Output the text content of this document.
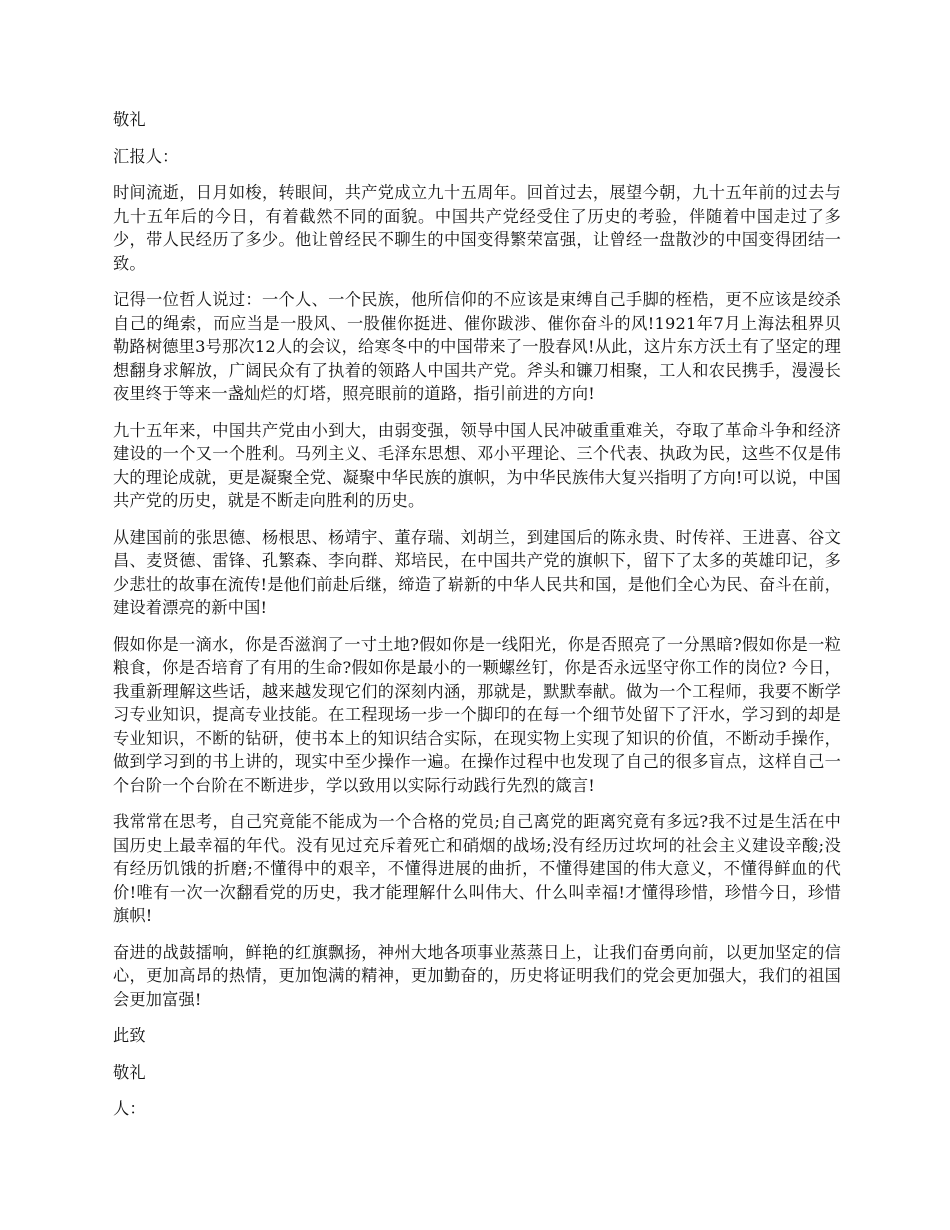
敬礼

汇报人：

时间流逝，日月如梭，转眼间，共产党成立九十五周年。回首过去，展望今朝，九十五年前的过去与九十五年后的今日，有着截然不同的面貌。中国共产党经受住了历史的考验，伴随着中国走过了多少，带人民经历了多少。他让曾经民不聊生的中国变得繁荣富强，让曾经一盘散沙的中国变得团结一致。

记得一位哲人说过：一个人、一个民族，他所信仰的不应该是束缚自己手脚的桎梏，更不应该是绞杀自己的绳索，而应当是一股风、一股催你挺进、催你跋涉、催你奋斗的风!1921年7月上海法租界贝勒路树德里3号那次12人的会议，给寒冬中的中国带来了一股春风!从此，这片东方沃土有了坚定的理想翻身求解放，广阔民众有了执着的领路人中国共产党。斧头和镰刀相聚，工人和农民携手，漫漫长夜里终于等来一盏灿烂的灯塔，照亮眼前的道路，指引前进的方向!

九十五年来，中国共产党由小到大，由弱变强，领导中国人民冲破重重难关，夺取了革命斗争和经济建设的一个又一个胜利。马列主义、毛泽东思想、邓小平理论、三个代表、执政为民，这些不仅是伟大的理论成就，更是凝聚全党、凝聚中华民族的旗帜，为中华民族伟大复兴指明了方向!可以说，中国共产党的历史，就是不断走向胜利的历史。

从建国前的张思德、杨根思、杨靖宇、董存瑞、刘胡兰，到建国后的陈永贵、时传祥、王进喜、谷文昌、麦贤德、雷锋、孔繁森、李向群、郑培民，在中国共产党的旗帜下，留下了太多的英雄印记，多少悲壮的故事在流传!是他们前赴后继，缔造了崭新的中华人民共和国，是他们全心为民、奋斗在前，建设着漂亮的新中国!

假如你是一滴水，你是否滋润了一寸土地?假如你是一线阳光，你是否照亮了一分黑暗?假如你是一粒粮食，你是否培育了有用的生命?假如你是最小的一颗螺丝钉，你是否永远坚守你工作的岗位? 今日，我重新理解这些话，越来越发现它们的深刻内涵，那就是，默默奉献。做为一个工程师，我要不断学习专业知识，提高专业技能。在工程现场一步一个脚印的在每一个细节处留下了汗水，学习到的却是专业知识，不断的钻研，使书本上的知识结合实际，在现实物上实现了知识的价值，不断动手操作，做到学习到的书上讲的，现实中至少操作一遍。在操作过程中也发现了自己的很多盲点，这样自己一个台阶一个台阶在不断进步，学以致用以实际行动践行先烈的箴言!

我常常在思考，自己究竟能不能成为一个合格的党员;自己离党的距离究竟有多远?我不过是生活在中国历史上最幸福的年代。没有见过充斥着死亡和硝烟的战场;没有经历过坎坷的社会主义建设辛酸;没有经历饥饿的折磨;不懂得中的艰辛，不懂得进展的曲折，不懂得建国的伟大意义，不懂得鲜血的代价!唯有一次一次翻看党的历史，我才能理解什么叫伟大、什么叫幸福!才懂得珍惜，珍惜今日，珍惜旗帜!

奋进的战鼓擂响，鲜艳的红旗飘扬，神州大地各项事业蒸蒸日上，让我们奋勇向前，以更加坚定的信心，更加高昂的热情，更加饱满的精神，更加勤奋的，历史将证明我们的党会更加强大，我们的祖国会更加富强!

此致

敬礼

人：
